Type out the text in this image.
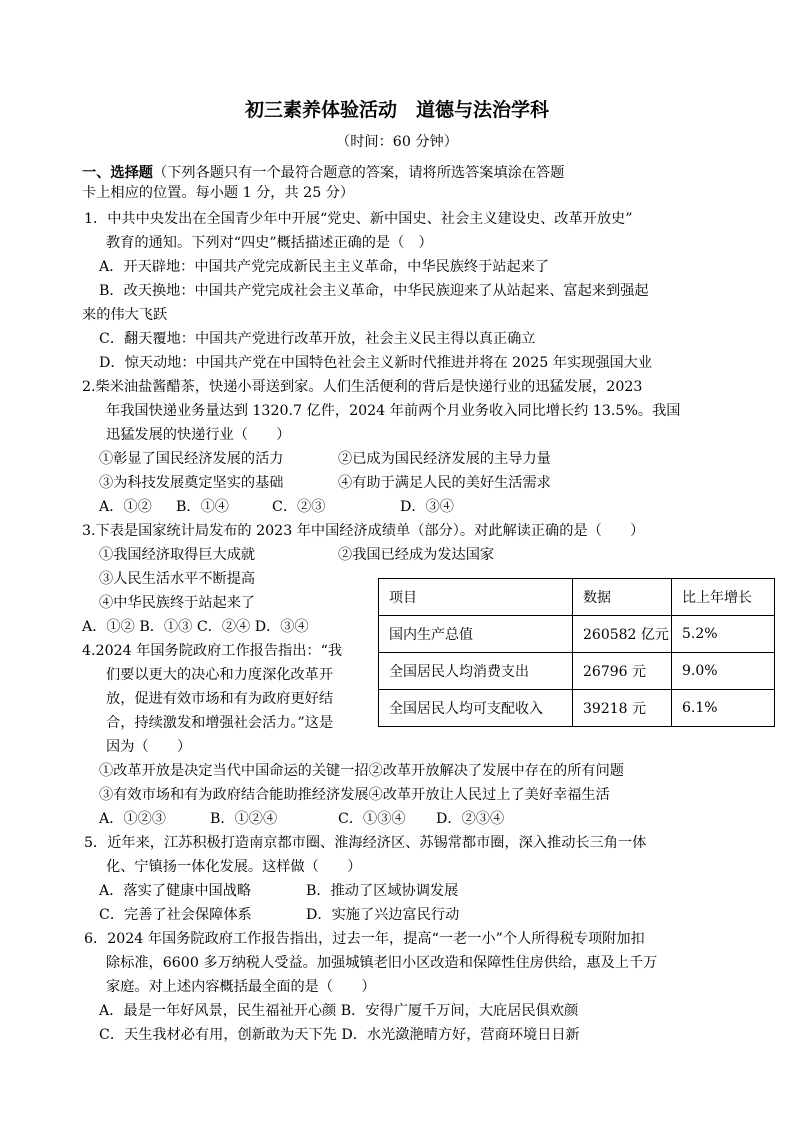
初三素养体验活动　道德与法治学科
（时间：60 分钟）
一、选择题（下列各题只有一个最符合题意的答案，请将所选答案填涂在答题
卡上相应的位置。每小题 1 分，共 25 分）
1．中共中央发出在全国青少年中开展“党史、新中国史、社会主义建设史、改革开放史”
教育的通知。下列对“四史”概括描述正确的是（　）
A．开天辟地：中国共产党完成新民主主义革命，中华民族终于站起来了
B．改天换地：中国共产党完成社会主义革命，中华民族迎来了从站起来、富起来到强起
来的伟大飞跃
C．翻天覆地：中国共产党进行改革开放，社会主义民主得以真正确立
D．惊天动地：中国共产党在中国特色社会主义新时代推进并将在 2025 年实现强国大业
2.柴米油盐酱醋茶，快递小哥送到家。人们生活便利的背后是快递行业的迅猛发展，2023
年我国快递业务量达到 1320.7 亿件，2024 年前两个月业务收入同比增长约 13.5%。我国
迅猛发展的快递行业（　　）
①彰显了国民经济发展的活力	②已成为国民经济发展的主导力量
③为科技发展奠定坚实的基础	④有助于满足人民的美好生活需求
A．①② B．①④	C．②③	D．③④
3.下表是国家统计局发布的 2023 年中国经济成绩单（部分）。对此解读正确的是（　　）
①我国经济取得巨大成就	②我国已经成为发达国家
③人民生活水平不断提高
④中华民族终于站起来了
A．①② B．①③ C．②④ D．③④
项目	数据	比上年增长
国内生产总值	260582 亿元	5.2%
全国居民人均消费支出	26796 元	9.0%
全国居民人均可支配收入	39218 元	6.1%
4.2024 年国务院政府工作报告指出：“我
们要以更大的决心和力度深化改革开
放，促进有效市场和有为政府更好结
合，持续激发和增强社会活力。”这是
因为（　　）
①改革开放是决定当代中国命运的关键一招②改革开放解决了发展中存在的所有问题
③有效市场和有为政府结合能助推经济发展④改革开放让人民过上了美好幸福生活
A．①②③	B．①②④	C．①③④ D．②③④
5．近年来，江苏积极打造南京都市圈、淮海经济区、苏锡常都市圈，深入推动长三角一体
化、宁镇扬一体化发展。这样做（　　）
A．落实了健康中国战略	B．推动了区域协调发展
C．完善了社会保障体系	D．实施了兴边富民行动
6．2024 年国务院政府工作报告指出，过去一年，提高“一老一小”个人所得税专项附加扣
除标准，6600 多万纳税人受益。加强城镇老旧小区改造和保障性住房供给，惠及上千万
家庭。对上述内容概括最全面的是（　　）
A．最是一年好风景，民生福祉开心颜 B．安得广厦千万间，大庇居民俱欢颜
C．天生我材必有用，创新敢为天下先 D．水光潋滟晴方好，营商环境日日新
